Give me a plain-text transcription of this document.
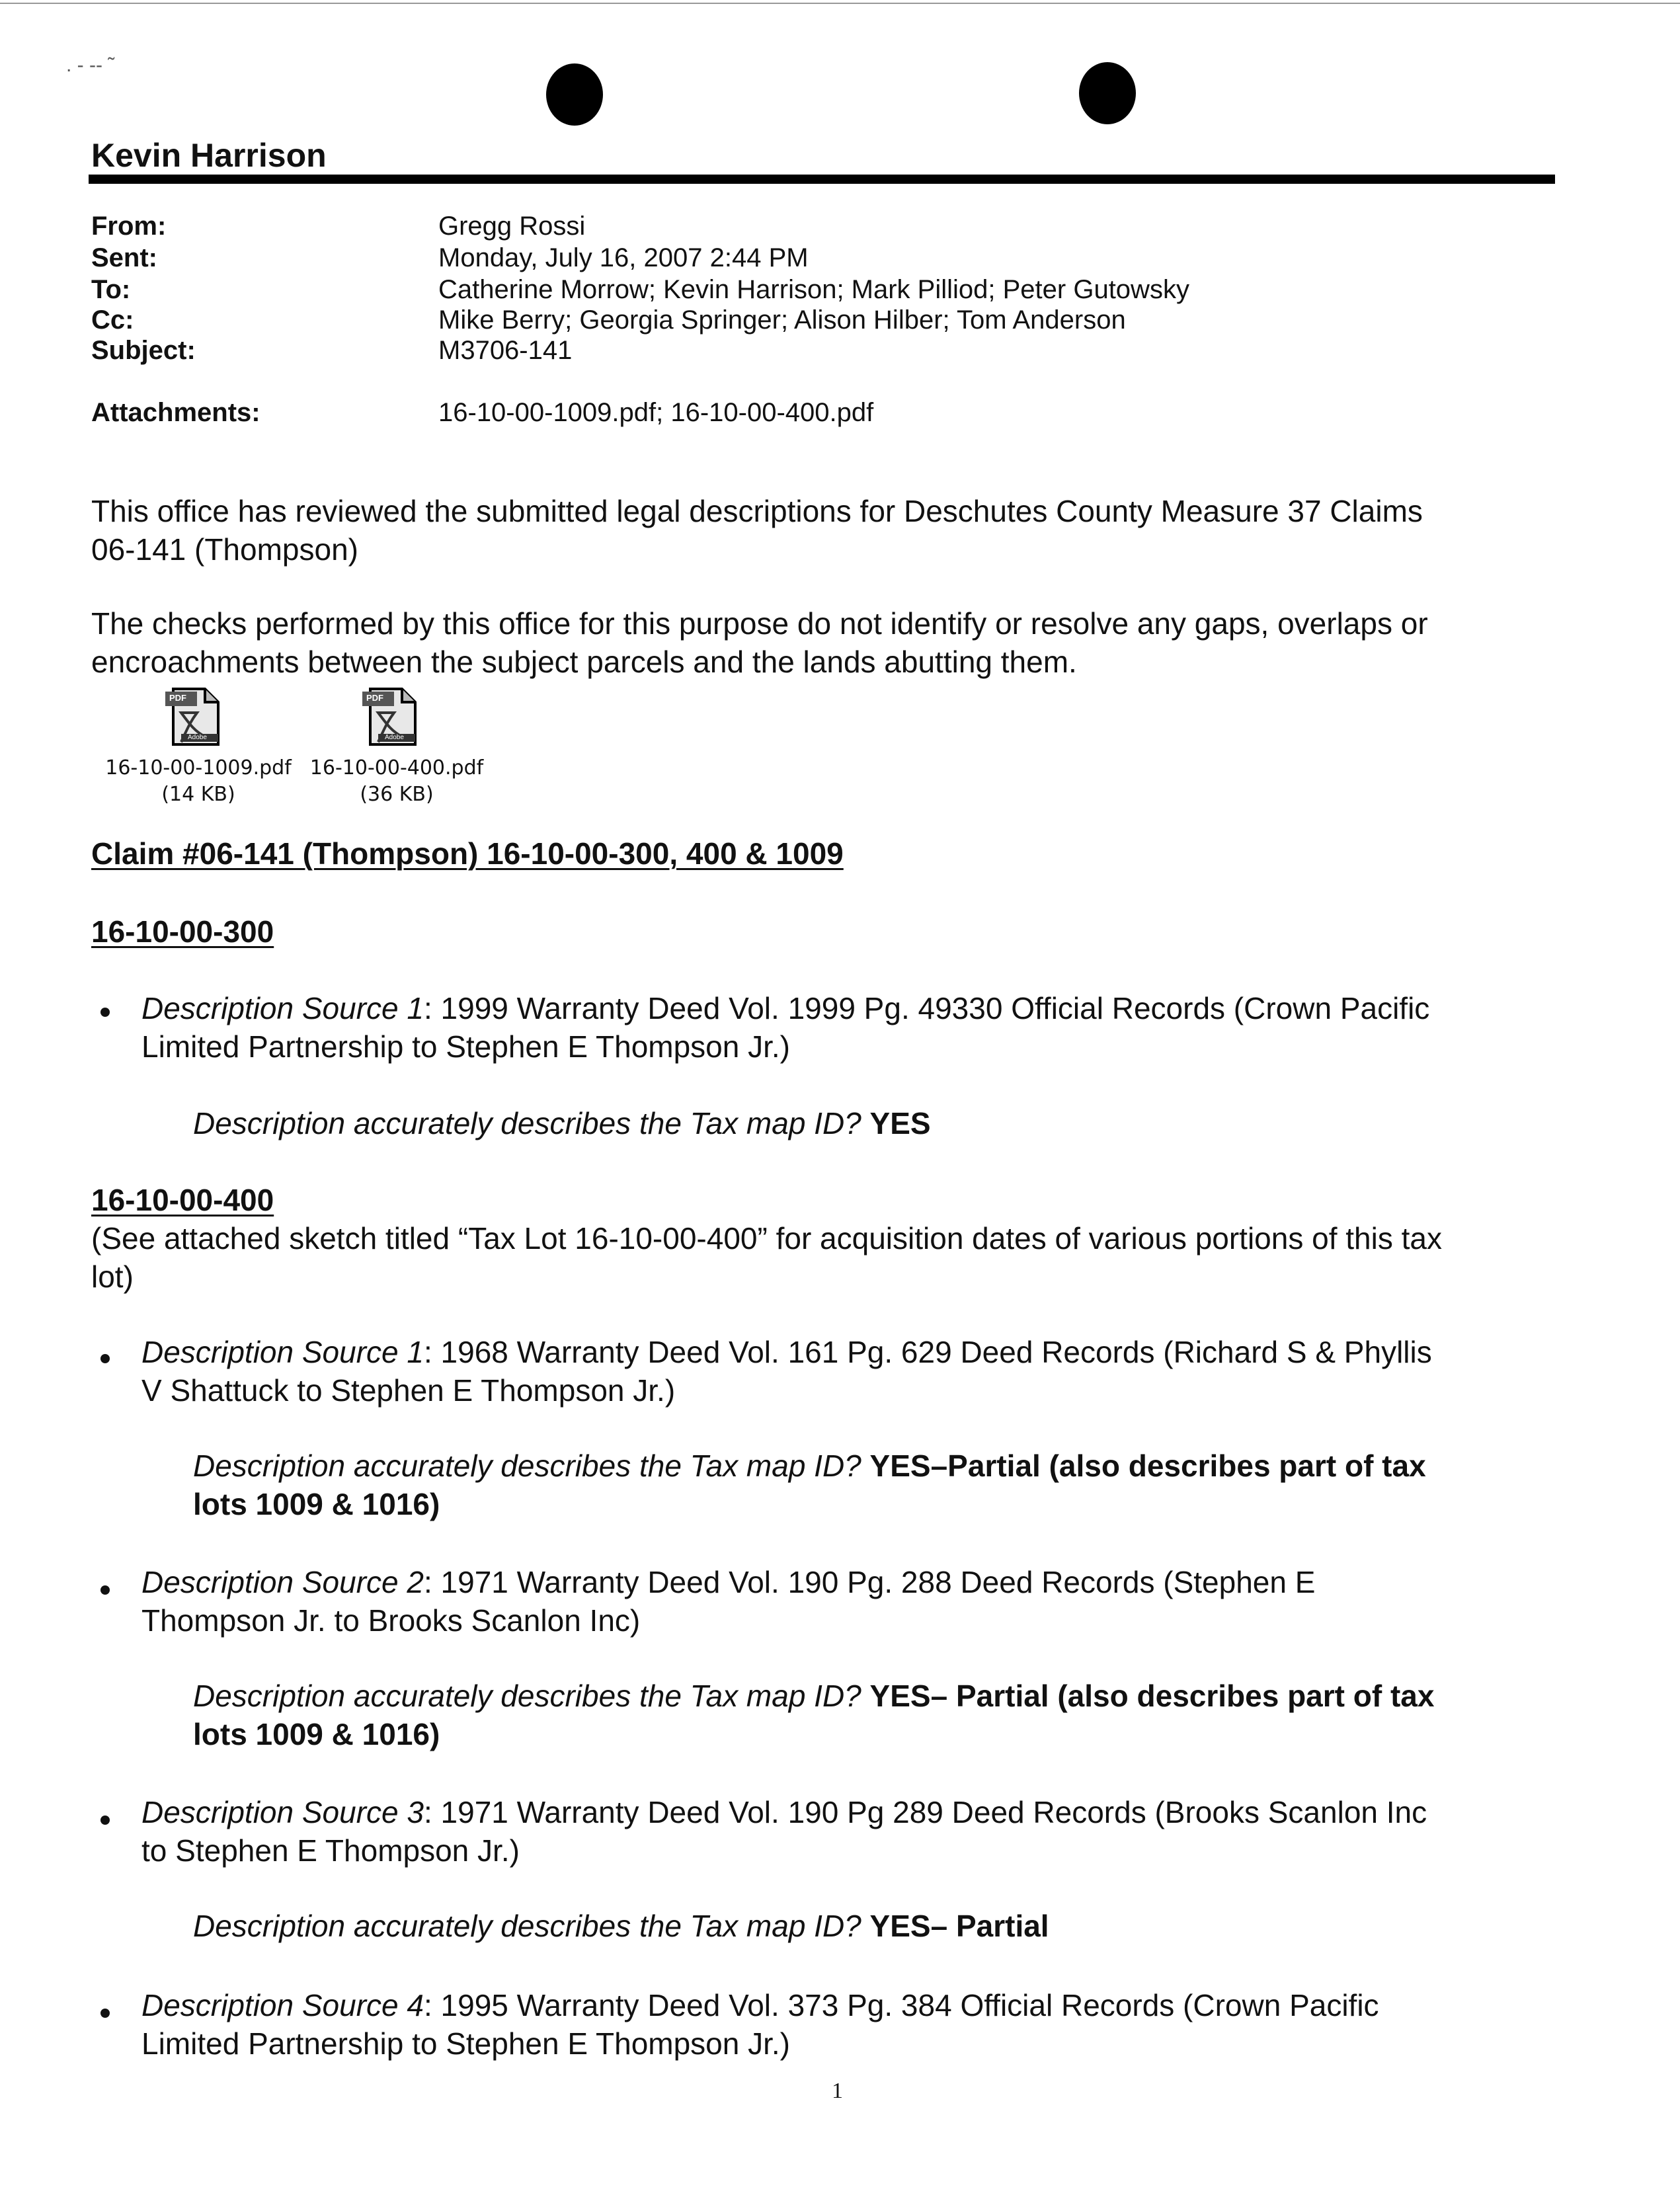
. - -- ˜
Kevin Harrison
From:	Gregg Rossi
Sent:	Monday, July 16, 2007 2:44 PM
To:	Catherine Morrow; Kevin Harrison; Mark Pilliod; Peter Gutowsky
Cc:	Mike Berry; Georgia Springer; Alison Hilber; Tom Anderson
Subject:	M3706-141
Attachments:	16-10-00-1009.pdf; 16-10-00-400.pdf
This office has reviewed the submitted legal descriptions for Deschutes County Measure 37 Claims
06-141 (Thompson)
The checks performed by this office for this purpose do not identify or resolve any gaps, overlaps or
encroachments between the subject parcels and the lands abutting them.
PDF
Adobe
PDF
Adobe
16-10-00-1009.pdf
(14 KB)
16-10-00-400.pdf
(36 KB)
Claim #06-141 (Thompson) 16-10-00-300, 400 & 1009
16-10-00-300
Description Source 1: 1999 Warranty Deed Vol. 1999 Pg. 49330 Official Records (Crown Pacific
Limited Partnership to Stephen E Thompson Jr.)
Description accurately describes the Tax map ID? YES
16-10-00-400
(See attached sketch titled “Tax Lot 16-10-00-400” for acquisition dates of various portions of this tax
lot)
Description Source 1: 1968 Warranty Deed Vol. 161 Pg. 629 Deed Records (Richard S & Phyllis
V Shattuck to Stephen E Thompson Jr.)
Description accurately describes the Tax map ID? YES–Partial (also describes part of tax
lots 1009 & 1016)
Description Source 2: 1971 Warranty Deed Vol. 190 Pg. 288 Deed Records (Stephen E
Thompson Jr. to Brooks Scanlon Inc)
Description accurately describes the Tax map ID? YES– Partial (also describes part of tax
lots 1009 & 1016)
Description Source 3: 1971 Warranty Deed Vol. 190 Pg 289 Deed Records (Brooks Scanlon Inc
to Stephen E Thompson Jr.)
Description accurately describes the Tax map ID? YES– Partial
Description Source 4: 1995 Warranty Deed Vol. 373 Pg. 384 Official Records (Crown Pacific
Limited Partnership to Stephen E Thompson Jr.)
1
